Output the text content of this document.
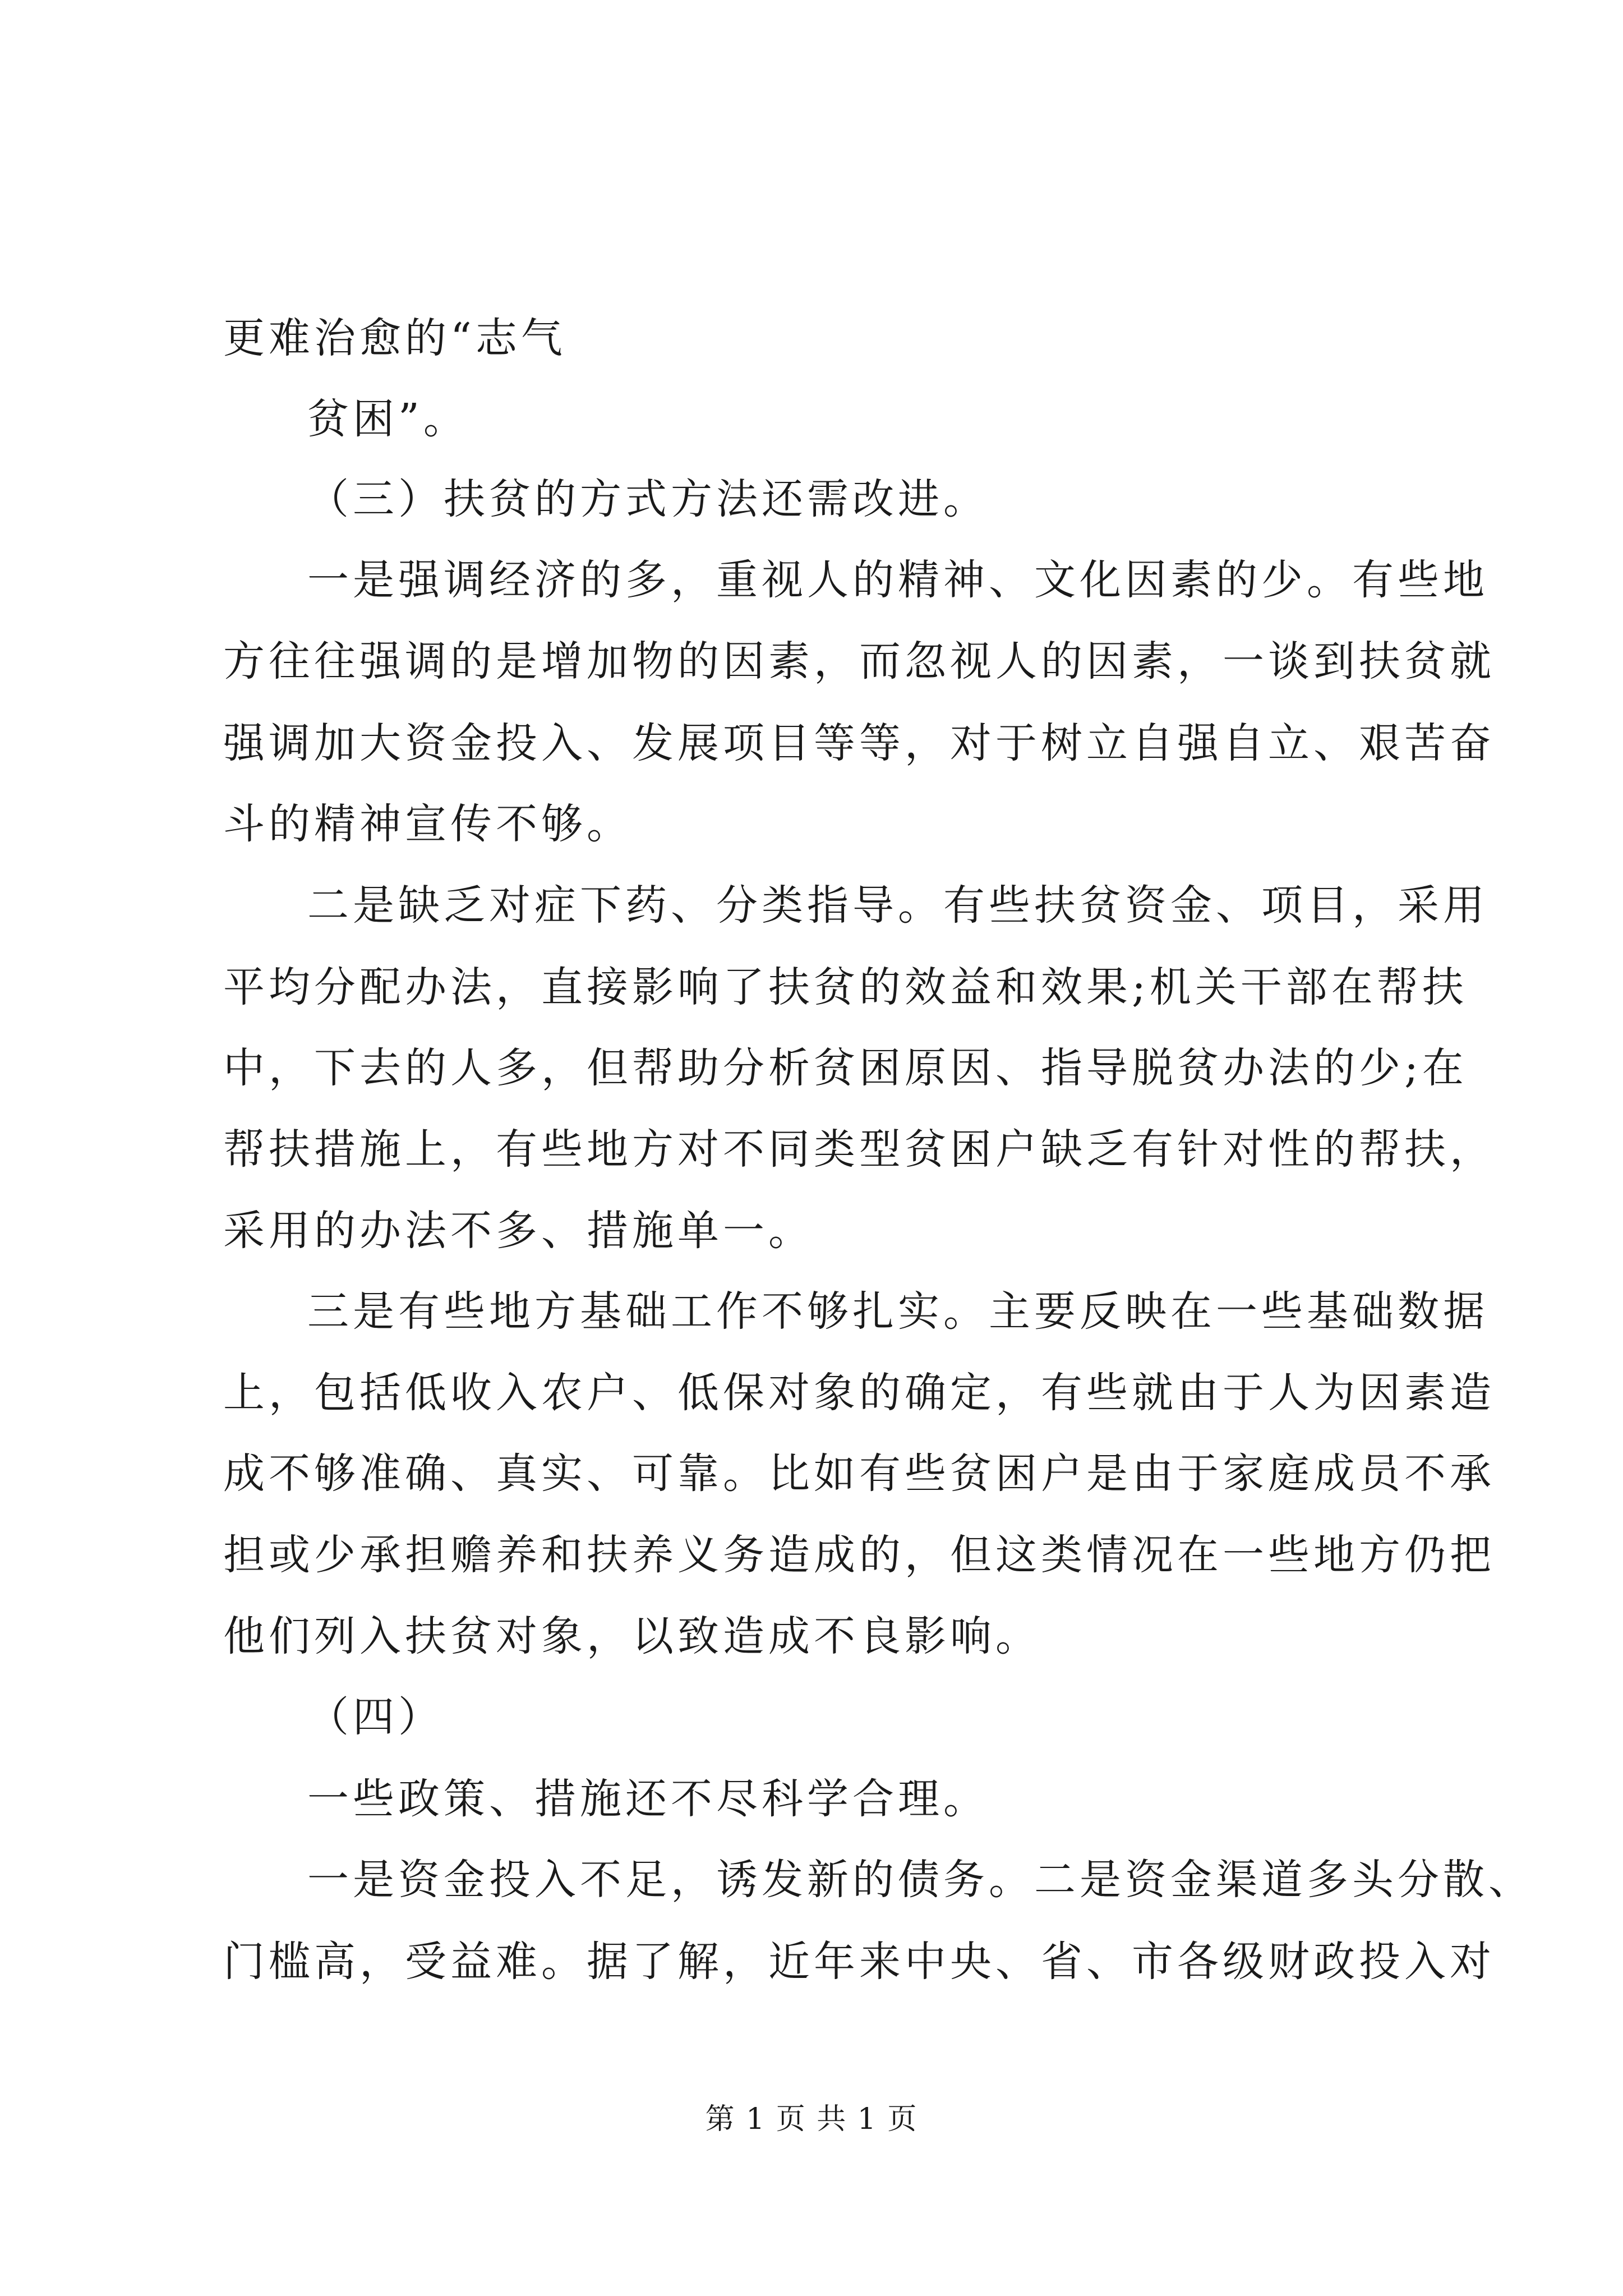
更难治愈的“志气
贫困”。
（三）扶贫的方式方法还需改进。
一是强调经济的多，重视人的精神、文化因素的少。有些地
方往往强调的是增加物的因素，而忽视人的因素，一谈到扶贫就
强调加大资金投入、发展项目等等，对于树立自强自立、艰苦奋
斗的精神宣传不够。
二是缺乏对症下药、分类指导。有些扶贫资金、项目，采用
平均分配办法，直接影响了扶贫的效益和效果;机关干部在帮扶
中，下去的人多，但帮助分析贫困原因、指导脱贫办法的少;在
帮扶措施上，有些地方对不同类型贫困户缺乏有针对性的帮扶，
采用的办法不多、措施单一。
三是有些地方基础工作不够扎实。主要反映在一些基础数据
上，包括低收入农户、低保对象的确定，有些就由于人为因素造
成不够准确、真实、可靠。比如有些贫困户是由于家庭成员不承
担或少承担赡养和扶养义务造成的，但这类情况在一些地方仍把
他们列入扶贫对象，以致造成不良影响。
（四）
一些政策、措施还不尽科学合理。
一是资金投入不足，诱发新的债务。二是资金渠道多头分散、
门槛高，受益难。据了解，近年来中央、省、市各级财政投入对
第 1 页 共 1 页
